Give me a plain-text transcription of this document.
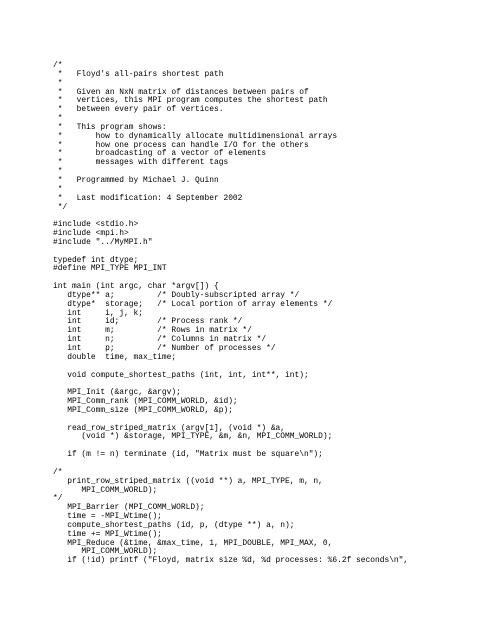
/*
*   Floyd's all-pairs shortest path
*
*   Given an NxN matrix of distances between pairs of
*   vertices, this MPI program computes the shortest path
*   between every pair of vertices.
*
*   This program shows:
*       how to dynamically allocate multidimensional arrays
*       how one process can handle I/O for the others
*       broadcasting of a vector of elements
*       messages with different tags
*
*   Programmed by Michael J. Quinn
*
*   Last modification: 4 September 2002
*/

#include <stdio.h>
#include <mpi.h>
#include "../MyMPI.h"

typedef int dtype;
#define MPI_TYPE MPI_INT

int main (int argc, char *argv[]) {
dtype** a;         /* Doubly-subscripted array */
dtype*  storage;   /* Local portion of array elements */
int     i, j, k;
int     id;        /* Process rank */
int     m;         /* Rows in matrix */
int     n;         /* Columns in matrix */
int     p;         /* Number of processes */
double  time, max_time;

void compute_shortest_paths (int, int, int**, int);

MPI_Init (&argc, &argv);
MPI_Comm_rank (MPI_COMM_WORLD, &id);
MPI_Comm_size (MPI_COMM_WORLD, &p);

read_row_striped_matrix (argv[1], (void *) &a,
(void *) &storage, MPI_TYPE, &m, &n, MPI_COMM_WORLD);

if (m != n) terminate (id, "Matrix must be square\n");

/*
print_row_striped_matrix ((void **) a, MPI_TYPE, m, n,
MPI_COMM_WORLD);
*/
MPI_Barrier (MPI_COMM_WORLD);
time = -MPI_Wtime();
compute_shortest_paths (id, p, (dtype **) a, n);
time += MPI_Wtime();
MPI_Reduce (&time, &max_time, 1, MPI_DOUBLE, MPI_MAX, 0,
MPI_COMM_WORLD);
if (!id) printf ("Floyd, matrix size %d, %d processes: %6.2f seconds\n",
